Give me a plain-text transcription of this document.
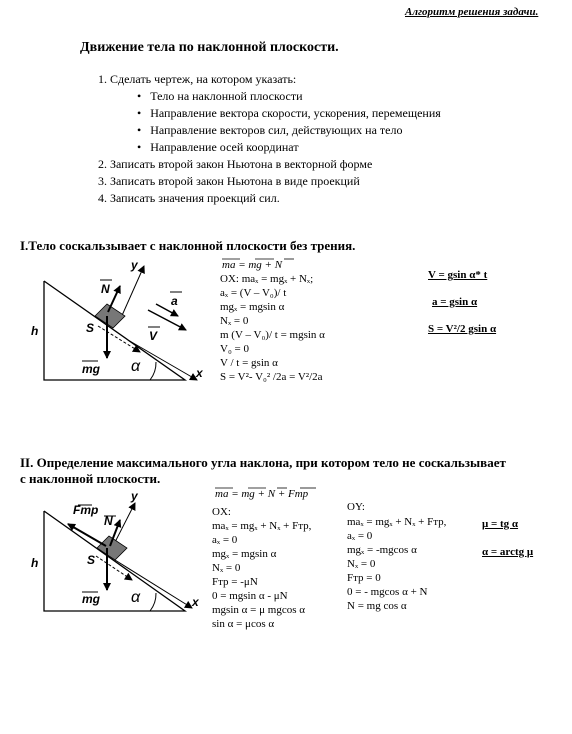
Алгоритм решения задачи.
Движение тела по наклонной плоскости.
1. Сделать чертеж, на котором указать:
•   Тело на наклонной плоскости
•   Направление вектора скорости, ускорения, перемещения
•   Направление векторов сил, действующих на тело
•   Направление осей координат
2. Записать второй закон Ньютона в векторной форме
3. Записать второй закон Ньютона в виде проекций
4. Записать значения проекций сил.
I.Тело соскальзывает с наклонной плоскости без трения.
y
N
a
V
S
h
mg α	x
ma = mg + N
OX: maₓ = mgₓ + Nₓ;
aₓ = (V – V₀)/ t
mgₓ = mgsin α
Nₓ = 0
m (V – V₀)/ t = mgsin α
V₀ = 0
V / t = gsin α
S = V²- V₀² /2a = V²/2a
V = gsin α* t
a = gsin α
S = V²/2 gsin α
II. Определение максимального угла наклона, при котором тело не соскальзывает
с наклонной плоскости.
y
Fтр
N
S
h
mg α	x
ma = mg + N + Fтр
OX:
maₓ = mgₓ + Nₓ + Fтр,
aₓ = 0
mgₓ = mgsin α
Nₓ = 0
Fтр = -μN
0 = mgsin α - μN
mgsin α = μ mgcos α
sin α = μcos α
OY:
maₓ = mgₓ + Nₓ + Fтр,
aₓ = 0
mgₓ = -mgcos α
Nₓ = 0
Fтр = 0
0 = - mgcos α + N
N = mg cos α
μ = tg α
α = arctg μ
